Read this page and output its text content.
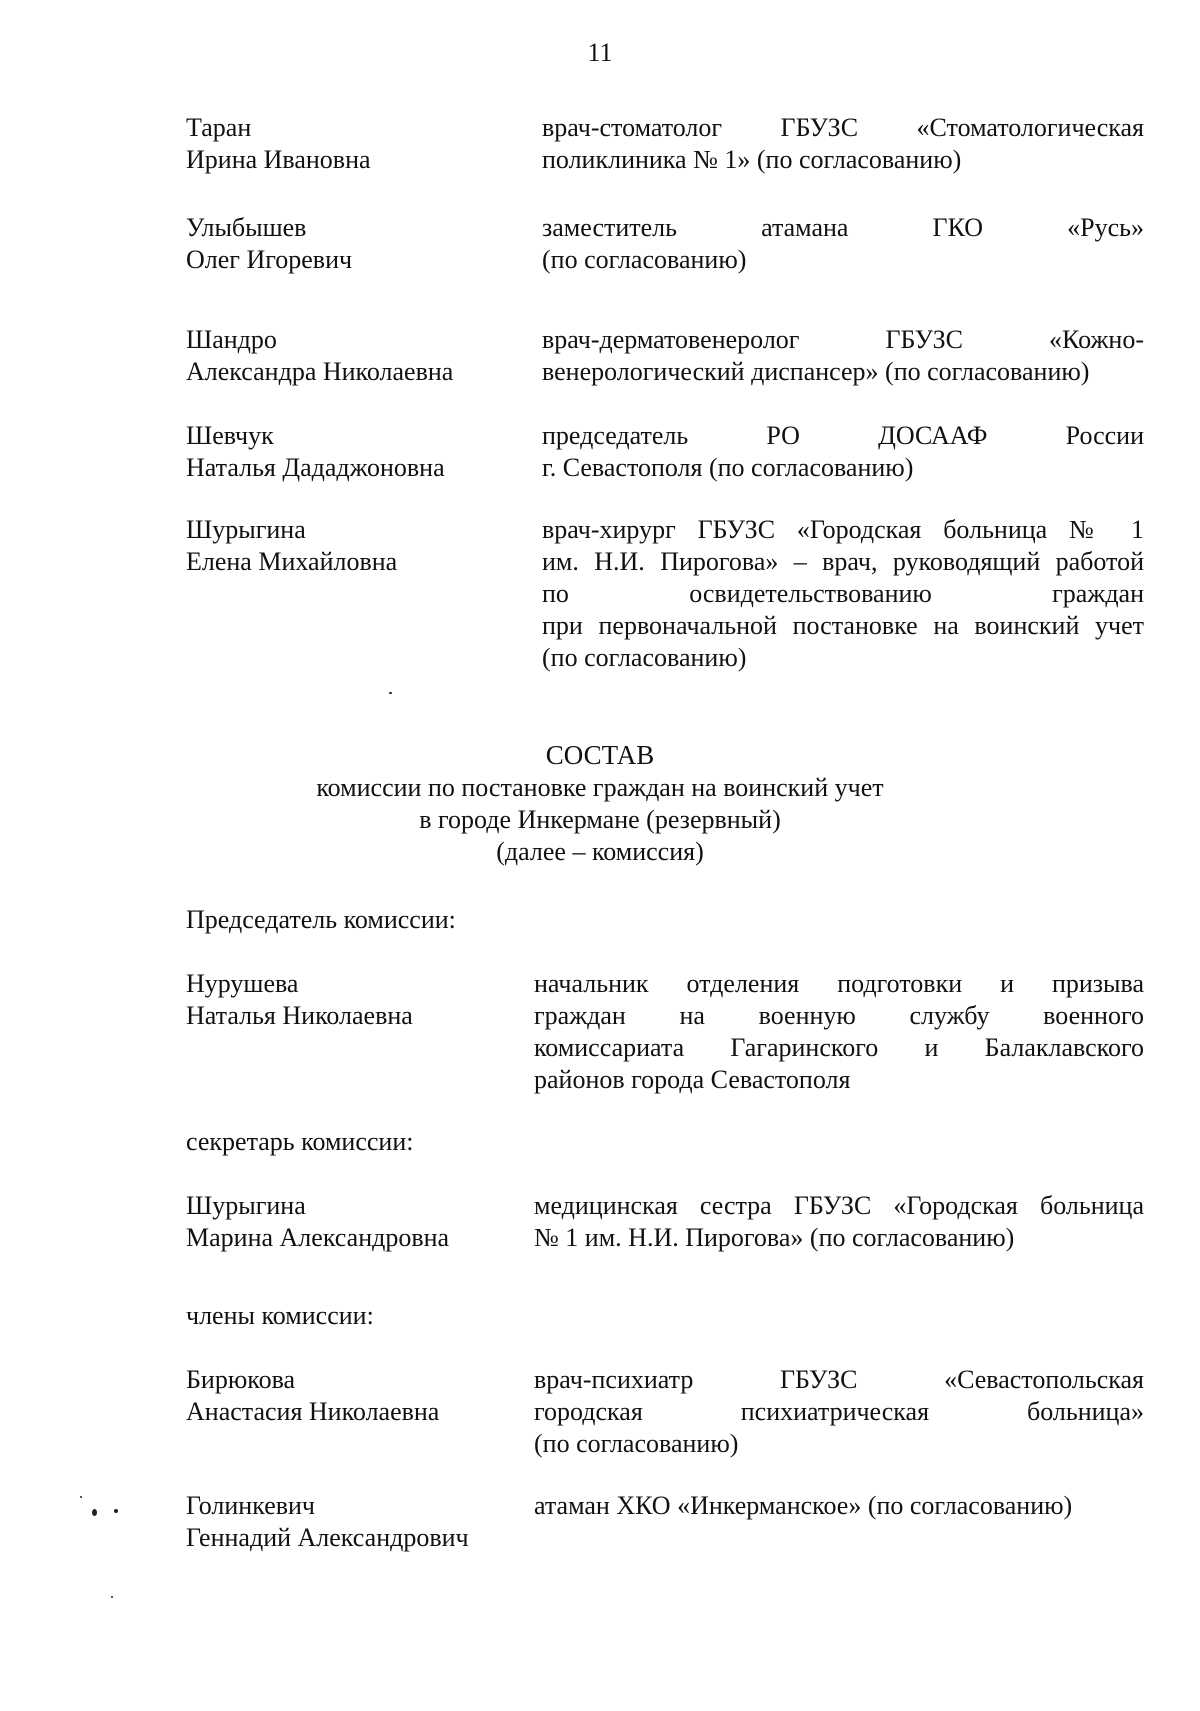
11
Таран
Ирина Ивановна
врач-стоматолог ГБУЗС «Стоматологическая
поликлиника № 1» (по согласованию)
Улыбышев
Олег Игоревич
заместитель атамана ГКО «Русь»
(по согласованию)
Шандро
Александра Николаевна
врач-дерматовенеролог ГБУЗС «Кожно-
венерологический диспансер» (по согласованию)
Шевчук
Наталья Дададжоновна
председатель РО ДОСААФ России
г. Севастополя (по согласованию)
Шурыгина
Елена Михайловна
врач-хирург ГБУЗС «Городская больница № 1
им. Н.И. Пирогова» – врач, руководящий работой
по освидетельствованию граждан
при первоначальной постановке на воинский учет
(по согласованию)
СОСТАВ
комиссии по постановке граждан на воинский учет
в городе Инкермане (резервный)
(далее – комиссия)
Председатель комиссии:
Нурушева
Наталья Николаевна
начальник отделения подготовки и призыва
граждан на военную службу военного
комиссариата Гагаринского и Балаклавского
районов города Севастополя
секретарь комиссии:
Шурыгина
Марина Александровна
медицинская сестра ГБУЗС «Городская больница
№ 1 им. Н.И. Пирогова» (по согласованию)
члены комиссии:
Бирюкова
Анастасия Николаевна
врач-психиатр ГБУЗС «Севастопольская
городская психиатрическая больница»
(по согласованию)
Голинкевич
Геннадий Александрович
атаман ХКО «Инкерманское» (по согласованию)
